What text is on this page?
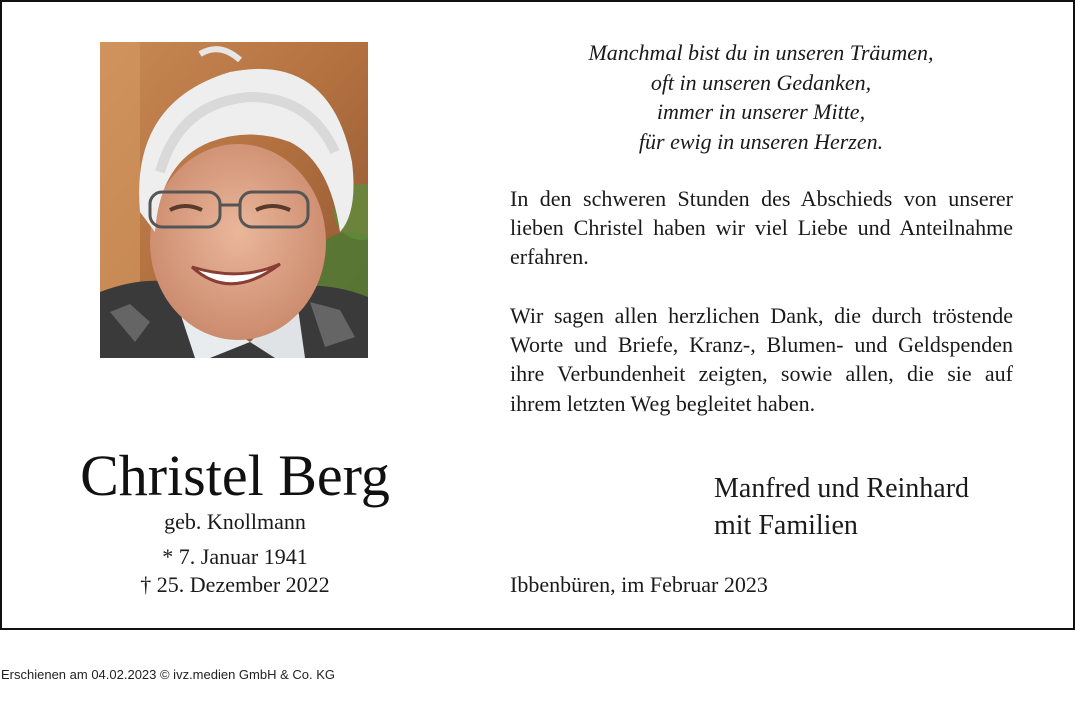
Christel Berg
geb. Knollmann
* 7. Januar 1941
† 25. Dezember 2022
Manchmal bist du in unseren Träumen,
oft in unseren Gedanken,
immer in unserer Mitte,
für ewig in unseren Herzen.
In den schweren Stunden des Abschieds von unserer lieben Christel haben wir viel Liebe und Anteilnahme erfahren.
Wir sagen allen herzlichen Dank, die durch tröstende Worte und Briefe, Kranz-, Blumen- und Geldspenden ihre Verbundenheit zeigten, sowie allen, die sie auf ihrem letzten Weg begleitet haben.
Manfred und Reinhard
mit Familien
Ibbenbüren, im Februar 2023
Erschienen am 04.02.2023 © ivz.medien GmbH & Co. KG
